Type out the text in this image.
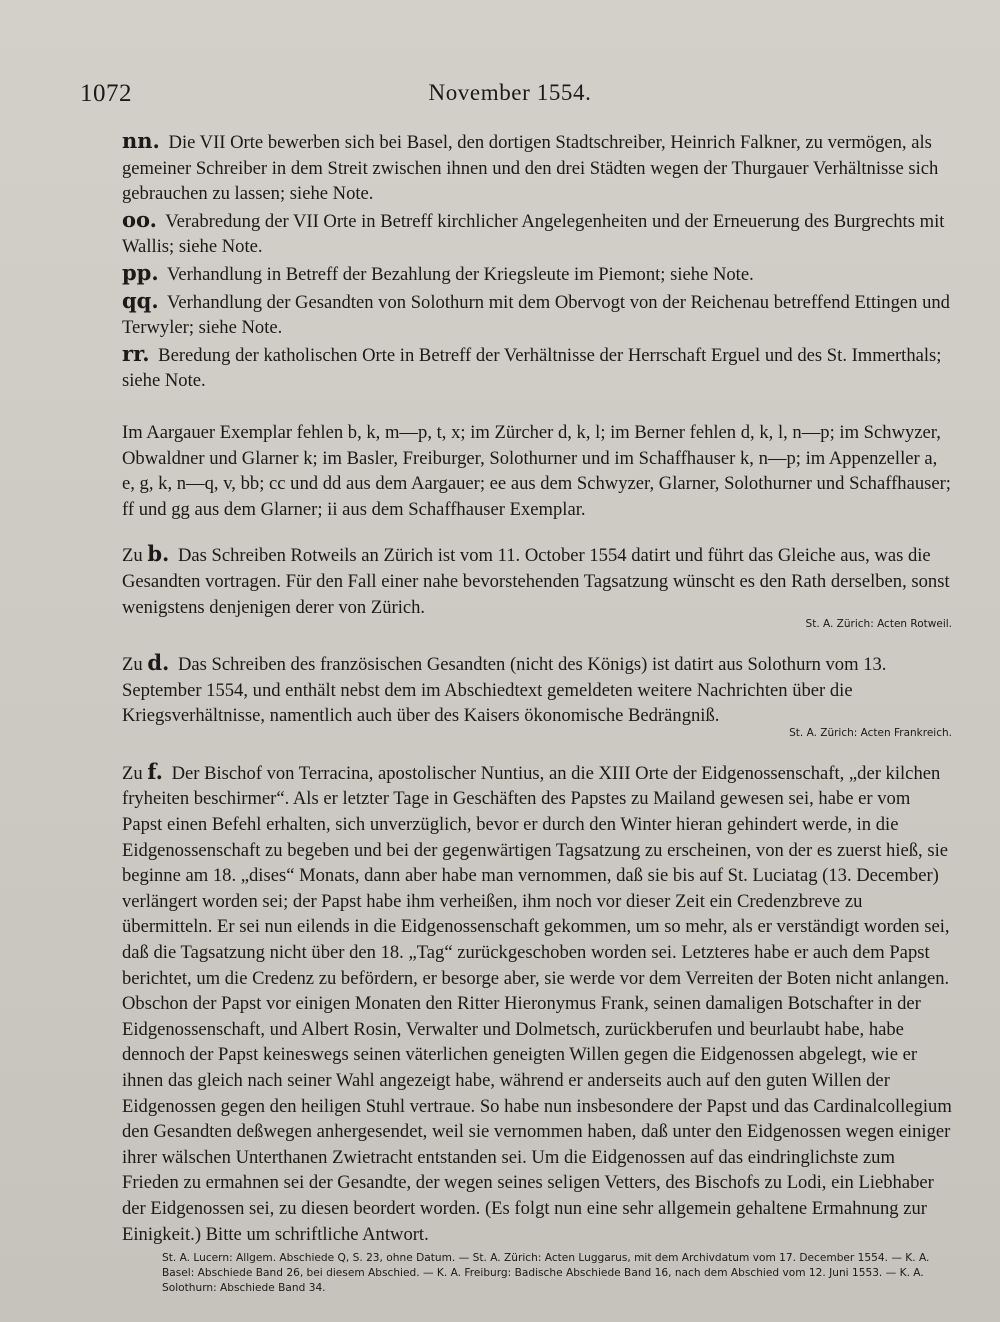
1072	November 1554.

nn. Die VII Orte bewerben sich bei Basel, den dortigen Stadtschreiber, Heinrich Falkner, zu vermögen, als gemeiner Schreiber in dem Streit zwischen ihnen und den drei Städten wegen der Thurgauer Verhältnisse sich gebrauchen zu lassen; siehe Note.

oo. Verabredung der VII Orte in Betreff kirchlicher Angelegenheiten und der Erneuerung des Burgrechts mit Wallis; siehe Note.

pp. Verhandlung in Betreff der Bezahlung der Kriegsleute im Piemont; siehe Note.

qq. Verhandlung der Gesandten von Solothurn mit dem Obervogt von der Reichenau betreffend Ettingen und Terwyler; siehe Note.

rr. Beredung der katholischen Orte in Betreff der Verhältnisse der Herrschaft Erguel und des St. Immerthals; siehe Note.

Im Aargauer Exemplar fehlen b, k, m—p, t, x; im Zürcher d, k, l; im Berner fehlen d, k, l, n—p; im Schwyzer, Obwaldner und Glarner k; im Basler, Freiburger, Solothurner und im Schaffhauser k, n—p; im Appenzeller a, e, g, k, n—q, v, bb; cc und dd aus dem Aargauer; ee aus dem Schwyzer, Glarner, Solothurner und Schaffhauser; ff und gg aus dem Glarner; ii aus dem Schaffhauser Exemplar.

Zu b. Das Schreiben Rotweils an Zürich ist vom 11. October 1554 datirt und führt das Gleiche aus, was die Gesandten vortragen. Für den Fall einer nahe bevorstehenden Tagsatzung wünscht es den Rath derselben, sonst wenigstens denjenigen derer von Zürich.

St. A. Zürich: Acten Rotweil.

Zu d. Das Schreiben des französischen Gesandten (nicht des Königs) ist datirt aus Solothurn vom 13. September 1554, und enthält nebst dem im Abschiedtext gemeldeten weitere Nachrichten über die Kriegsverhältnisse, namentlich auch über des Kaisers ökonomische Bedrängniß.

St. A. Zürich: Acten Frankreich.

Zu f. Der Bischof von Terracina, apostolischer Nuntius, an die XIII Orte der Eidgenossenschaft, „der kilchen fryheiten beschirmer“. Als er letzter Tage in Geschäften des Papstes zu Mailand gewesen sei, habe er vom Papst einen Befehl erhalten, sich unverzüglich, bevor er durch den Winter hieran gehindert werde, in die Eidgenossenschaft zu begeben und bei der gegenwärtigen Tagsatzung zu erscheinen, von der es zuerst hieß, sie beginne am 18. „dises“ Monats, dann aber habe man vernommen, daß sie bis auf St. Luciatag (13. December) verlängert worden sei; der Papst habe ihm verheißen, ihm noch vor dieser Zeit ein Credenzbreve zu übermitteln. Er sei nun eilends in die Eidgenossenschaft gekommen, um so mehr, als er verständigt worden sei, daß die Tagsatzung nicht über den 18. „Tag“ zurückgeschoben worden sei. Letzteres habe er auch dem Papst berichtet, um die Credenz zu befördern, er besorge aber, sie werde vor dem Verreiten der Boten nicht anlangen. Obschon der Papst vor einigen Monaten den Ritter Hieronymus Frank, seinen damaligen Botschafter in der Eidgenossenschaft, und Albert Rosin, Verwalter und Dolmetsch, zurückberufen und beurlaubt habe, habe dennoch der Papst keineswegs seinen väterlichen geneigten Willen gegen die Eidgenossen abgelegt, wie er ihnen das gleich nach seiner Wahl angezeigt habe, während er anderseits auch auf den guten Willen der Eidgenossen gegen den heiligen Stuhl vertraue. So habe nun insbesondere der Papst und das Cardinalcollegium den Gesandten deßwegen anhergesendet, weil sie vernommen haben, daß unter den Eidgenossen wegen einiger ihrer wälschen Unterthanen Zwietracht entstanden sei. Um die Eidgenossen auf das eindringlichste zum Frieden zu ermahnen sei der Gesandte, der wegen seines seligen Vetters, des Bischofs zu Lodi, ein Liebhaber der Eidgenossen sei, zu diesen beordert worden. (Es folgt nun eine sehr allgemein gehaltene Ermahnung zur Einigkeit.) Bitte um schriftliche Antwort.

St. A. Lucern: Allgem. Abschiede Q, S. 23, ohne Datum. — St. A. Zürich: Acten Luggarus, mit dem Archivdatum vom 17. December 1554. — K. A. Basel: Abschiede Band 26, bei diesem Abschied. — K. A. Freiburg: Badische Abschiede Band 16, nach dem Abschied vom 12. Juni 1553. — K. A. Solothurn: Abschiede Band 34.
